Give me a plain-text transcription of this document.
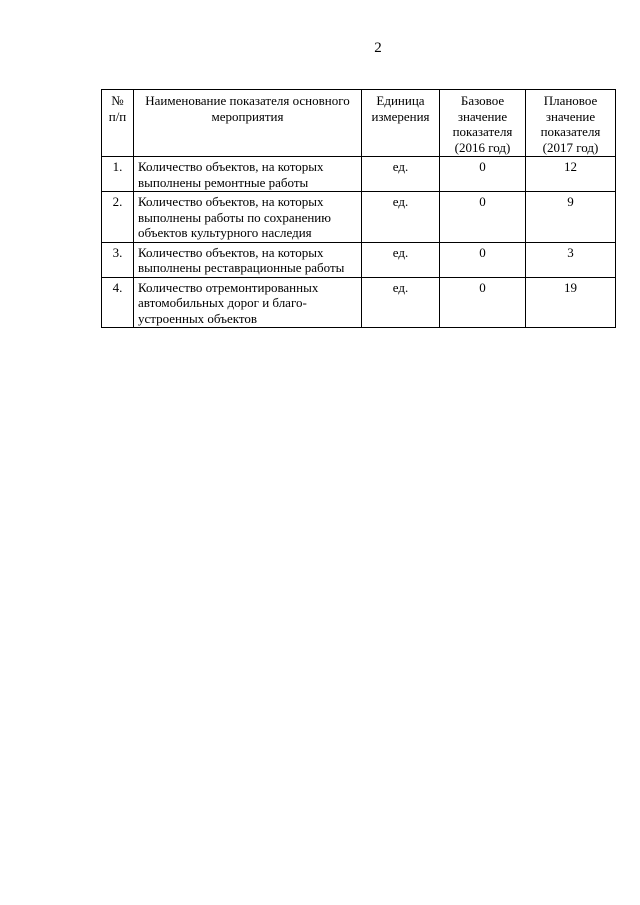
2
№ п/п	Наименование показателя основного мероприятия	Единица измерения	Базовое значение показателя (2016 год)	Плановое значение показателя (2017 год)
1.	Количество объектов, на которых выполнены ремонтные работы	ед.	0	12
2.	Количество объектов, на которых выполнены работы по сохранению объектов культурного наследия	ед.	0	9
3.	Количество объектов, на которых выполнены реставрационные работы	ед.	0	3
4.	Количество отремонтированных автомобильных дорог и благоустроенных объектов	ед.	0	19
